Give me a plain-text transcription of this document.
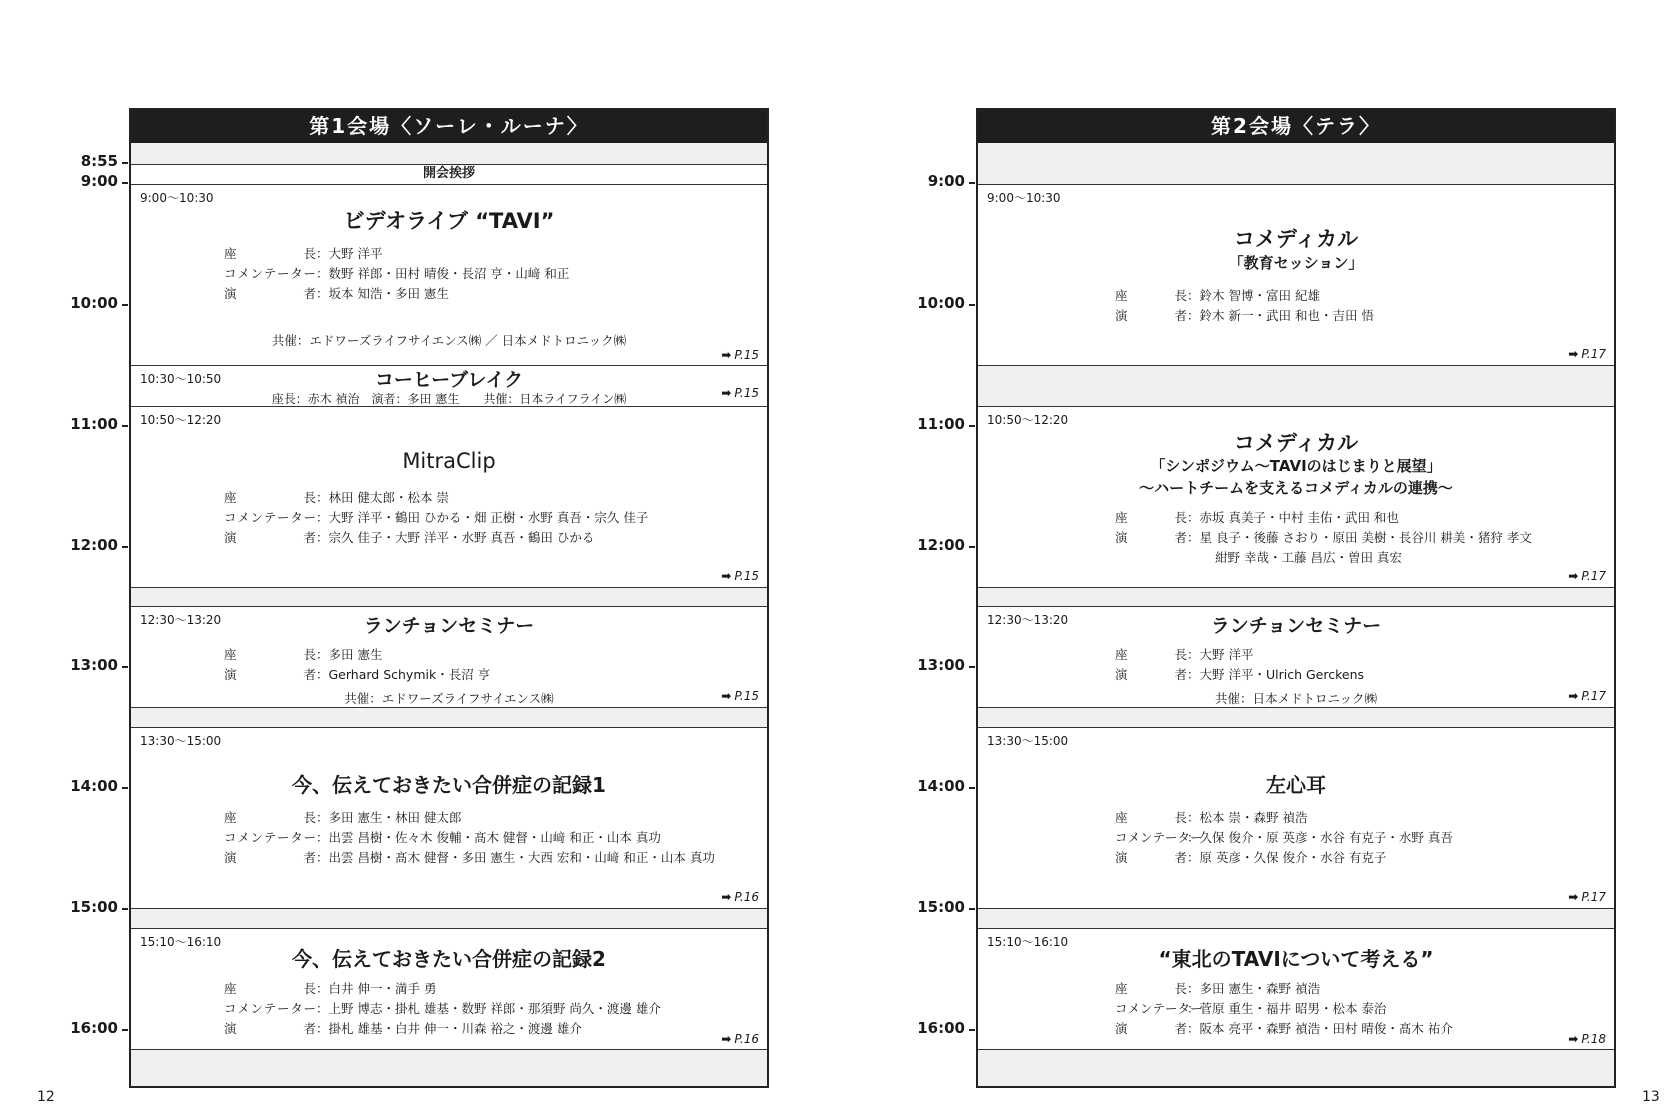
8:55
9:00
10:00
11:00
12:00
13:00
14:00
15:00
16:00
第1会場〈ソーレ・ルーナ〉
開会挨拶
9:00〜10:30
ビデオライブ “TAVI”
座長：大野 洋平
コメンテーター：数野 祥郎・田村 晴俊・長沼 亨・山﨑 和正
演者：坂本 知浩・多田 憲生
共催：エドワーズライフサイエンス㈱ ／ 日本メドトロニック㈱
➡ P.15
10:30〜10:50	コーヒーブレイク
座長：赤木 禎治　演者：多田 憲生　　共催：日本ライフライン㈱	➡ P.15
10:50〜12:20
MitraClip
座長：林田 健太郎・松本 崇
コメンテーター：大野 洋平・鶴田 ひかる・畑 正樹・水野 真吾・宗久 佳子
演者：宗久 佳子・大野 洋平・水野 真吾・鶴田 ひかる
➡ P.15
12:30〜13:20	ランチョンセミナー
座長：多田 憲生
演者：Gerhard Schymik・長沼 亨
共催：エドワーズライフサイエンス㈱	➡ P.15
13:30〜15:00
今、伝えておきたい合併症の記録1
座長：多田 憲生・林田 健太郎
コメンテーター：出雲 昌樹・佐々木 俊輔・髙木 健督・山﨑 和正・山本 真功
演者：出雲 昌樹・髙木 健督・多田 憲生・大西 宏和・山﨑 和正・山本 真功
➡ P.16
15:10〜16:10
今、伝えておきたい合併症の記録2
座長：白井 伸一・満手 勇
コメンテーター：上野 博志・掛札 雄基・数野 祥郎・那須野 尚久・渡邊 雄介
演者：掛札 雄基・白井 伸一・川森 裕之・渡邊 雄介
➡ P.16
12
9:00
10:00
11:00
12:00
13:00
14:00
15:00
16:00
第2会場〈テラ〉
9:00〜10:30
コメディカル
「教育セッション」
座長：鈴木 智博・富田 紀雄
演者：鈴木 新一・武田 和也・吉田 悟
➡ P.17
10:50〜12:20
コメディカル
「シンポジウム〜TAVIのはじまりと展望」
〜ハートチームを支えるコメディカルの連携〜
座長：赤坂 真美子・中村 圭佑・武田 和也
演者：星 良子・後藤 さおり・原田 美樹・長谷川 耕美・猪狩 孝文
紺野 幸哉・工藤 昌広・曽田 真宏
➡ P.17
12:30〜13:20	ランチョンセミナー
座長：大野 洋平
演者：大野 洋平・Ulrich Gerckens
共催：日本メドトロニック㈱	➡ P.17
13:30〜15:00
左心耳
座長：松本 崇・森野 禎浩
コメンテーター：久保 俊介・原 英彦・水谷 有克子・水野 真吾
演者：原 英彦・久保 俊介・水谷 有克子
➡ P.17
15:10〜16:10
“東北のTAVIについて考える”
座長：多田 憲生・森野 禎浩
コメンテーター：菅原 重生・福井 昭男・松本 泰治
演者：阪本 亮平・森野 禎浩・田村 晴俊・髙木 祐介
➡ P.18
13
